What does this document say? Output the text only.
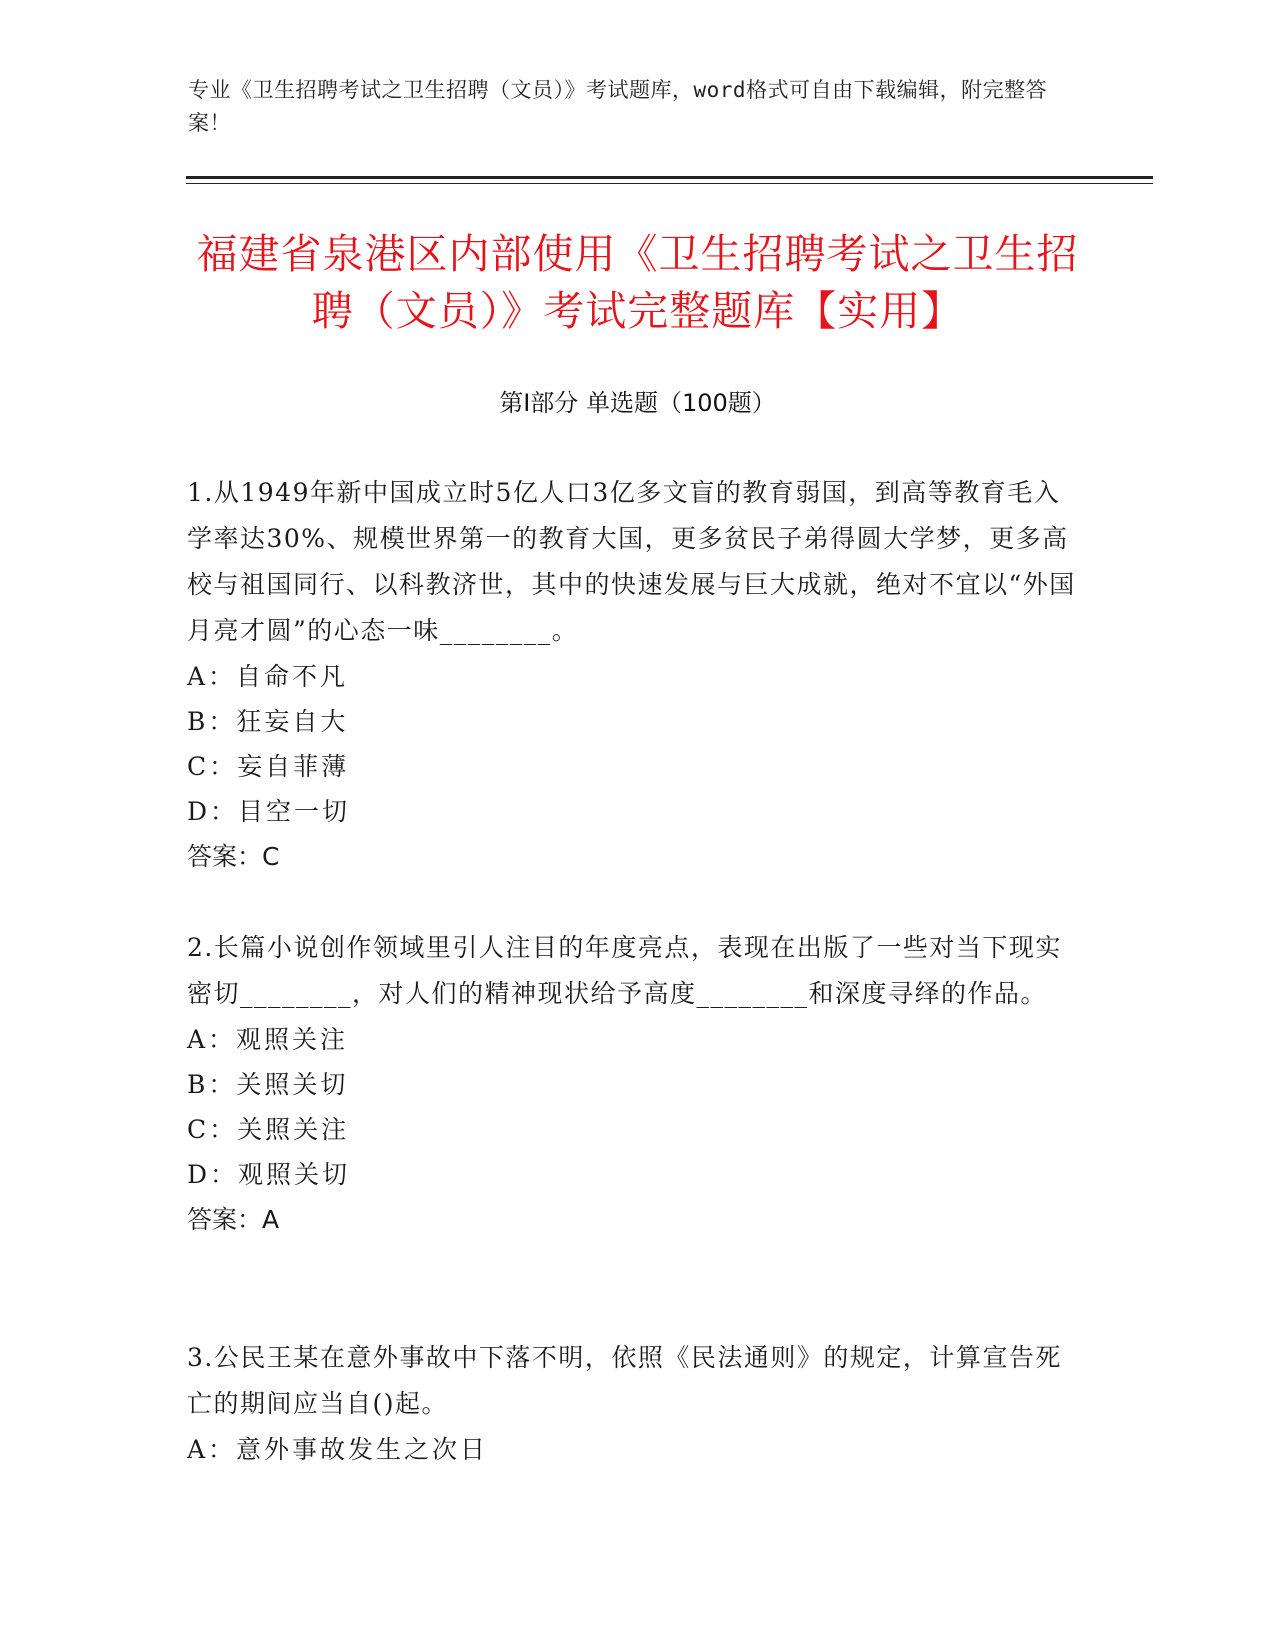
专业《卫生招聘考试之卫生招聘（文员）》考试题库，word格式可自由下载编辑，附完整答案！
福建省泉港区内部使用《卫生招聘考试之卫生招聘（文员）》考试完整题库【实用】
第Ⅰ部分 单选题（100题）

1.从1949年新中国成立时5亿人口3亿多文盲的教育弱国，到高等教育毛入学率达30%、规模世界第一的教育大国，更多贫民子弟得圆大学梦，更多高校与祖国同行、以科教济世，其中的快速发展与巨大成就，绝对不宜以“外国月亮才圆”的心态一味________。

A：自命不凡

B：狂妄自大

C：妄自菲薄

D：目空一切

答案：C

2.长篇小说创作领域里引人注目的年度亮点，表现在出版了一些对当下现实密切________，对人们的精神现状给予高度________和深度寻绎的作品。

A：观照关注

B：关照关切

C：关照关注

D：观照关切

答案：A

3.公民王某在意外事故中下落不明，依照《民法通则》的规定，计算宣告死亡的期间应当自()起。

A：意外事故发生之次日
